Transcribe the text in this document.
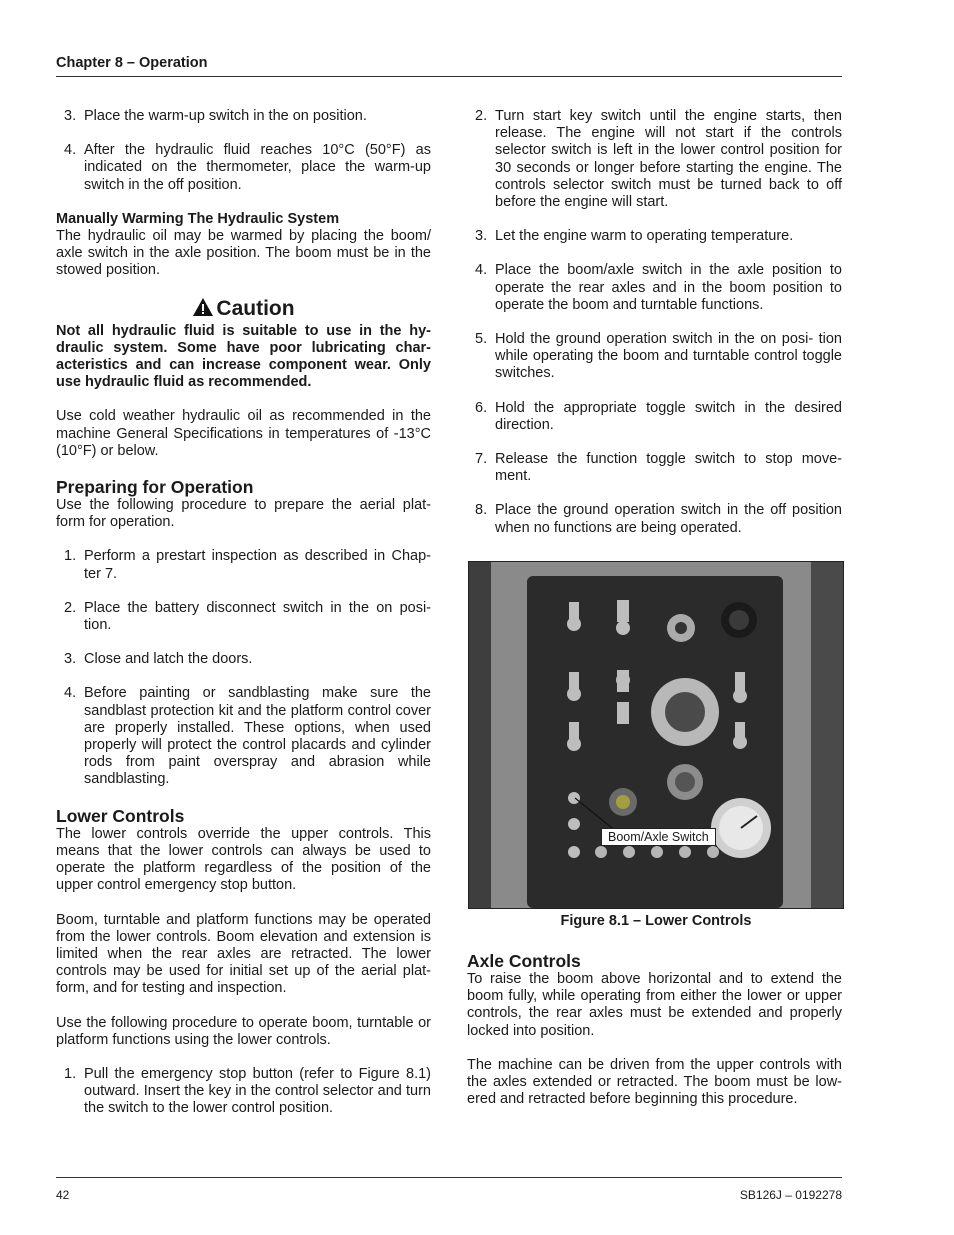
Chapter 8 – Operation
3. Place the warm-up switch in the on position.
4. After the hydraulic fluid reaches 10°C (50°F) as indicated on the thermometer, place the warm-up switch in the off position.
Manually Warming The Hydraulic System

The hydraulic oil may be warmed by placing the boom/ axle switch in the axle position. The boom must be in the stowed position.

Caution

Not all hydraulic fluid is suitable to use in the hy- draulic system. Some have poor lubricating char- acteristics and can increase component wear. Only use hydraulic fluid as recommended.

Use cold weather hydraulic oil as recommended in the machine General Specifications in temperatures of -13°C (10°F) or below.

Preparing for Operation

Use the following procedure to prepare the aerial plat- form for operation.

1. Perform a prestart inspection as described in Chap- ter 7.
2. Place the battery disconnect switch in the on posi- tion.
3. Close and latch the doors.
4. Before painting or sandblasting make sure the sandblast protection kit and the platform control cover are properly installed. These options, when used properly will protect the control placards and cylinder rods from paint overspray and abrasion while sandblasting.
Lower Controls

The lower controls override the upper controls. This means that the lower controls can always be used to operate the platform regardless of the position of the upper control emergency stop button.

Boom, turntable and platform functions may be operated from the lower controls. Boom elevation and extension is limited when the rear axles are retracted. The lower controls may be used for initial set up of the aerial plat- form, and for testing and inspection.

Use the following procedure to operate boom, turntable or platform functions using the lower controls.

1. Pull the emergency stop button (refer to Figure 8.1) outward. Insert the key in the control selector and turn the switch to the lower control position.
2. Turn start key switch until the engine starts, then release. The engine will not start if the controls selector switch is left in the lower control position for 30 seconds or longer before starting the engine. The controls selector switch must be turned back to off before the engine will start.
3. Let the engine warm to operating temperature.
4. Place the boom/axle switch in the axle position to operate the rear axles and in the boom position to operate the boom and turntable functions.
5. Hold the ground operation switch in the on posi- tion while operating the boom and turntable control toggle switches.
6. Hold the appropriate toggle switch in the desired direction.
7. Release the function toggle switch to stop move- ment.
8. Place the ground operation switch in the off position when no functions are being operated.
Boom/Axle Switch
Figure 8.1 – Lower Controls
Axle Controls

To raise the boom above horizontal and to extend the boom fully, while operating from either the lower or upper controls, the rear axles must be extended and properly locked into position.

The machine can be driven from the upper controls with the axles extended or retracted. The boom must be low- ered and retracted before beginning this procedure.

42	SB126J – 0192278
